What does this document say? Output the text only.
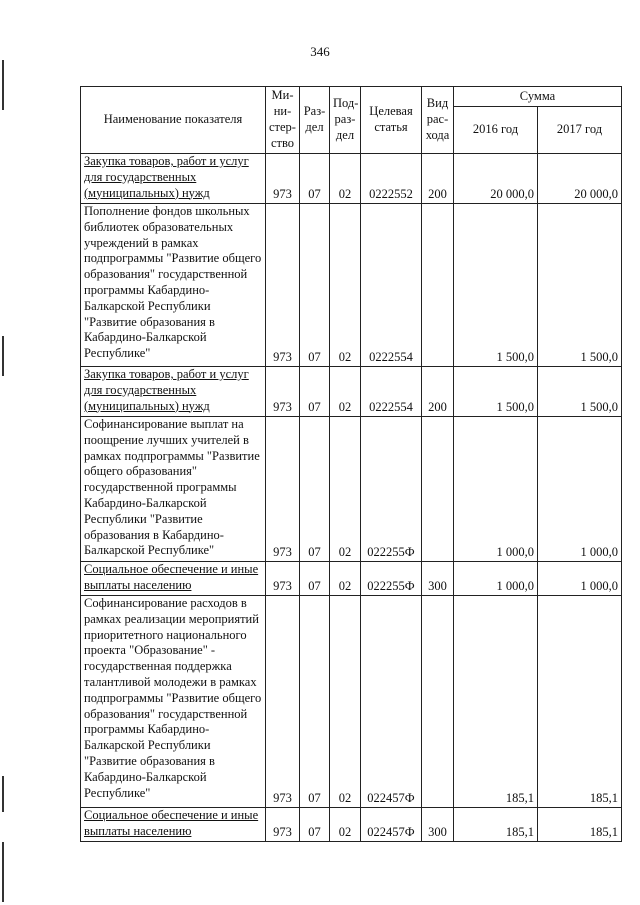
346
Наименование показателя	Ми-ни-стер-ство	Раз-дел	Под-раз-дел	Целевая статья	Вид рас-хода	Сумма	
						2016 год	2017 год
Закупка товаров, работ и услуг для государственных (муниципальных) нужд	973	07	02	0222552	200	20 000,0	20 000,0
Пополнение фондов школьных библиотек образовательных учреждений в рамках подпрограммы "Развитие общего образования" государственной программы Кабардино-Балкарской Республики "Развитие образования в Кабардино-Балкарской Республике"	973	07	02	0222554		1 500,0	1 500,0
Закупка товаров, работ и услуг для государственных (муниципальных) нужд	973	07	02	0222554	200	1 500,0	1 500,0
Софинансирование выплат на поощрение лучших учителей в рамках подпрограммы "Развитие общего образования" государственной программы Кабардино-Балкарской Республики "Развитие образования в Кабардино-Балкарской Республике"	973	07	02	022255Ф		1 000,0	1 000,0
Социальное обеспечение и иные выплаты населению	973	07	02	022255Ф	300	1 000,0	1 000,0
Софинансирование расходов в рамках реализации мероприятий приоритетного национального проекта "Образование" - государственная поддержка талантливой молодежи в рамках подпрограммы "Развитие общего образования" государственной программы Кабардино-Балкарской Республики "Развитие образования в Кабардино-Балкарской Республике"	973	07	02	022457Ф		185,1	185,1
Социальное обеспечение и иные выплаты населению	973	07	02	022457Ф	300	185,1	185,1
